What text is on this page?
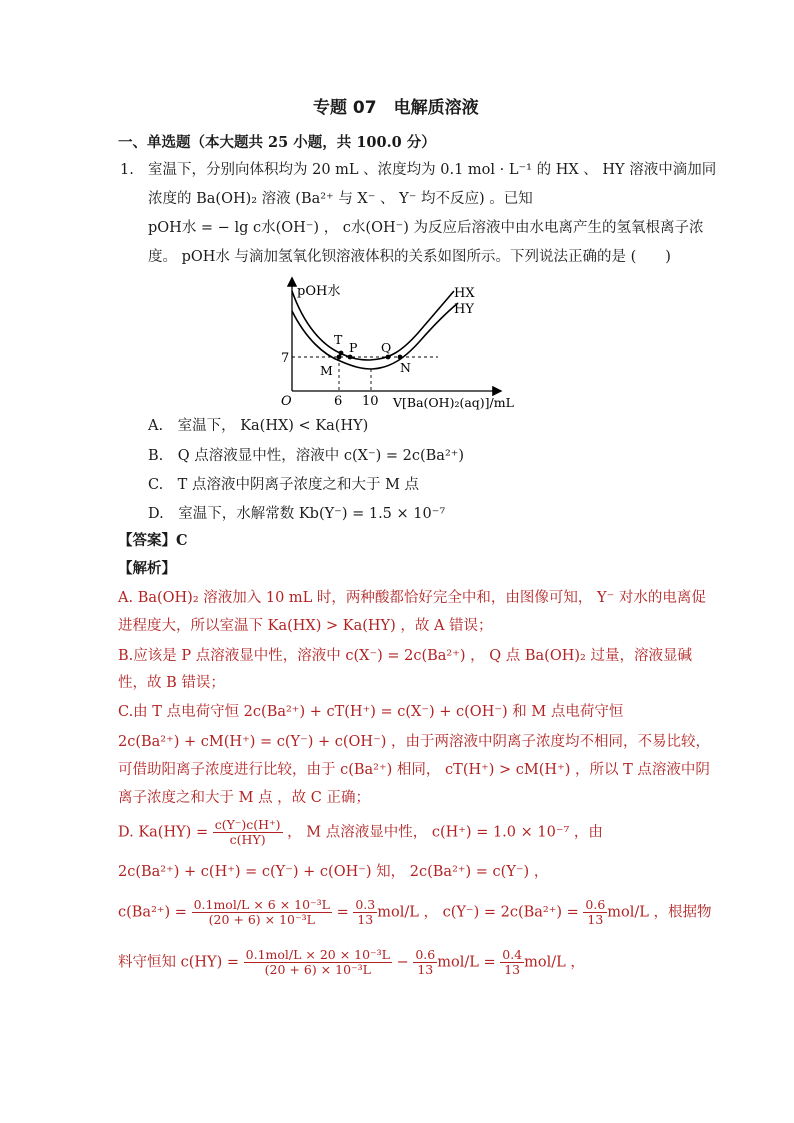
专题 07　电解质溶液
一、单选题（本大题共 25 小题，共 100.0 分）
1. 室温下，分别向体积均为 20 mL 、浓度均为 0.1 mol · L⁻¹ 的 HX 、 HY 溶液中滴加同
浓度的 Ba(OH)₂ 溶液 (Ba²⁺ 与 X⁻ 、 Y⁻ 均不反应) 。已知
pOH水 = − lg c水(OH⁻) ， c水(OH⁻) 为反应后溶液中由水电离产生的氢氧根离子浓
度。 pOH水 与滴加氢氧化钡溶液体积的关系如图所示。下列说法正确的是 (　　)
pOH水
O
7
6 10 V[Ba(OH)₂(aq)]/mL
T
P Q
M	N
HX
HY
A.　室温下， Ka(HX) < Ka(HY)
B.　Q 点溶液显中性，溶液中 c(X⁻) = 2c(Ba²⁺)
C.　T 点溶液中阴离子浓度之和大于 M 点
D.　室温下，水解常数 Kb(Y⁻) = 1.5 × 10⁻⁷
【答案】C
【解析】
A. Ba(OH)₂ 溶液加入 10 mL 时，两种酸都恰好完全中和，由图像可知， Y⁻ 对水的电离促
进程度大，所以室温下 Ka(HX) > Ka(HY) ，故 A 错误；
B.应该是 P 点溶液显中性，溶液中 c(X⁻) = 2c(Ba²⁺) ， Q 点 Ba(OH)₂ 过量，溶液显碱
性，故 B 错误；
C.由 T 点电荷守恒 2c(Ba²⁺) + cT(H⁺) = c(X⁻) + c(OH⁻) 和 M 点电荷守恒
2c(Ba²⁺) + cM(H⁺) = c(Y⁻) + c(OH⁻) ，由于两溶液中阴离子浓度均不相同，不易比较，
可借助阳离子浓度进行比较，由于 c(Ba²⁺) 相同， cT(H⁺) > cM(H⁺) ，所以 T 点溶液中阴
离子浓度之和大于 M 点 ，故 C 正确；
D. $Ka(HY) = \frac{c(Y^-)c(H^+)}{c(HY)}$ ， M 点溶液显中性， c(H⁺) = 1.0 × 10⁻⁷ ，由
2c(Ba²⁺) + c(H⁺) = c(Y⁻) + c(OH⁻) 知， 2c(Ba²⁺) = c(Y⁻) ，
$c(Ba^{2+}) = \frac{\text{0.1mol/L × 6 × 10⁻³L}}{\text{(20 + 6) × 10⁻³L}} = \frac{0.3}{13} mol/L$ ， $c(Y^-) = 2c(Ba^{2+}) = \frac{0.6}{13} mol/L$ ，根据物
料守恒知 $c(HY) = \frac{\text{0.1mol/L × 20 × 10⁻³L}}{\text{(20 + 6) × 10⁻³L}} - \frac{0.6}{13} mol/L = \frac{0.4}{13} mol/L$ ，
